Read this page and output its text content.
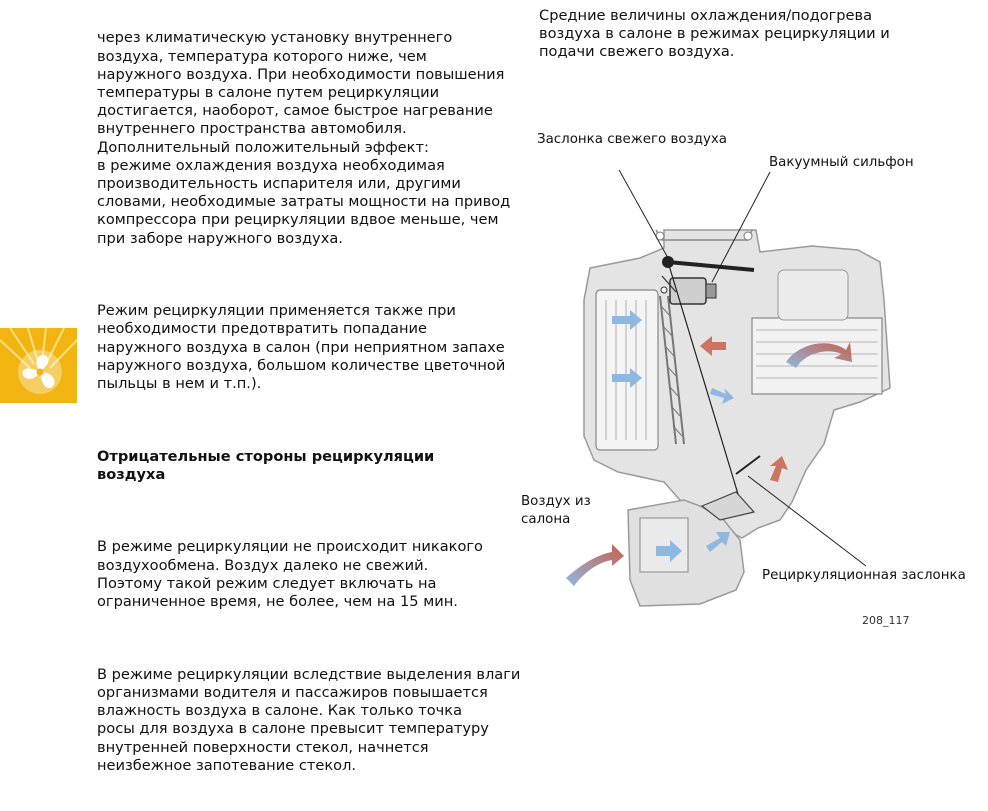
через климатическую установку внутреннего
воздуха, температура которого ниже, чем
наружного воздуха. При необходимости повышения
температуры в салоне путем рециркуляции
достигается, наоборот, самое быстрое нагревание
внутреннего пространства автомобиля.
Дополнительный положительный эффект:
в режиме охлаждения воздуха необходимая
производительность испарителя или, другими
словами, необходимые затраты мощности на привод
компрессора при рециркуляции вдвое меньше, чем
при заборе наружного воздуха.

Режим рециркуляции применяется также при
необходимости предотвратить попадание
наружного воздуха в салон (при неприятном запахе
наружного воздуха, большом количестве цветочной
пыльцы в нем и т.п.).

Отрицательные стороны рециркуляции
воздуха

В режиме рециркуляции не происходит никакого
воздухообмена. Воздух далеко не свежий.
Поэтому такой режим следует включать на
ограниченное время, не более, чем на 15 мин.

В режиме рециркуляции вследствие выделения влаги
организмами водителя и пассажиров повышается
влажность воздуха в салоне. Как только точка
росы для воздуха в салоне превысит температуру
внутренней поверхности стекол, начнется
неизбежное запотевание стекол.

Средние величины охлаждения/подогрева
воздуха в салоне в режимах рециркуляции и
подачи свежего воздуха.
Заслонка свежего воздуха
Вакуумный сильфон
Воздух из
салона
Рециркуляционная заслонка
208_117
